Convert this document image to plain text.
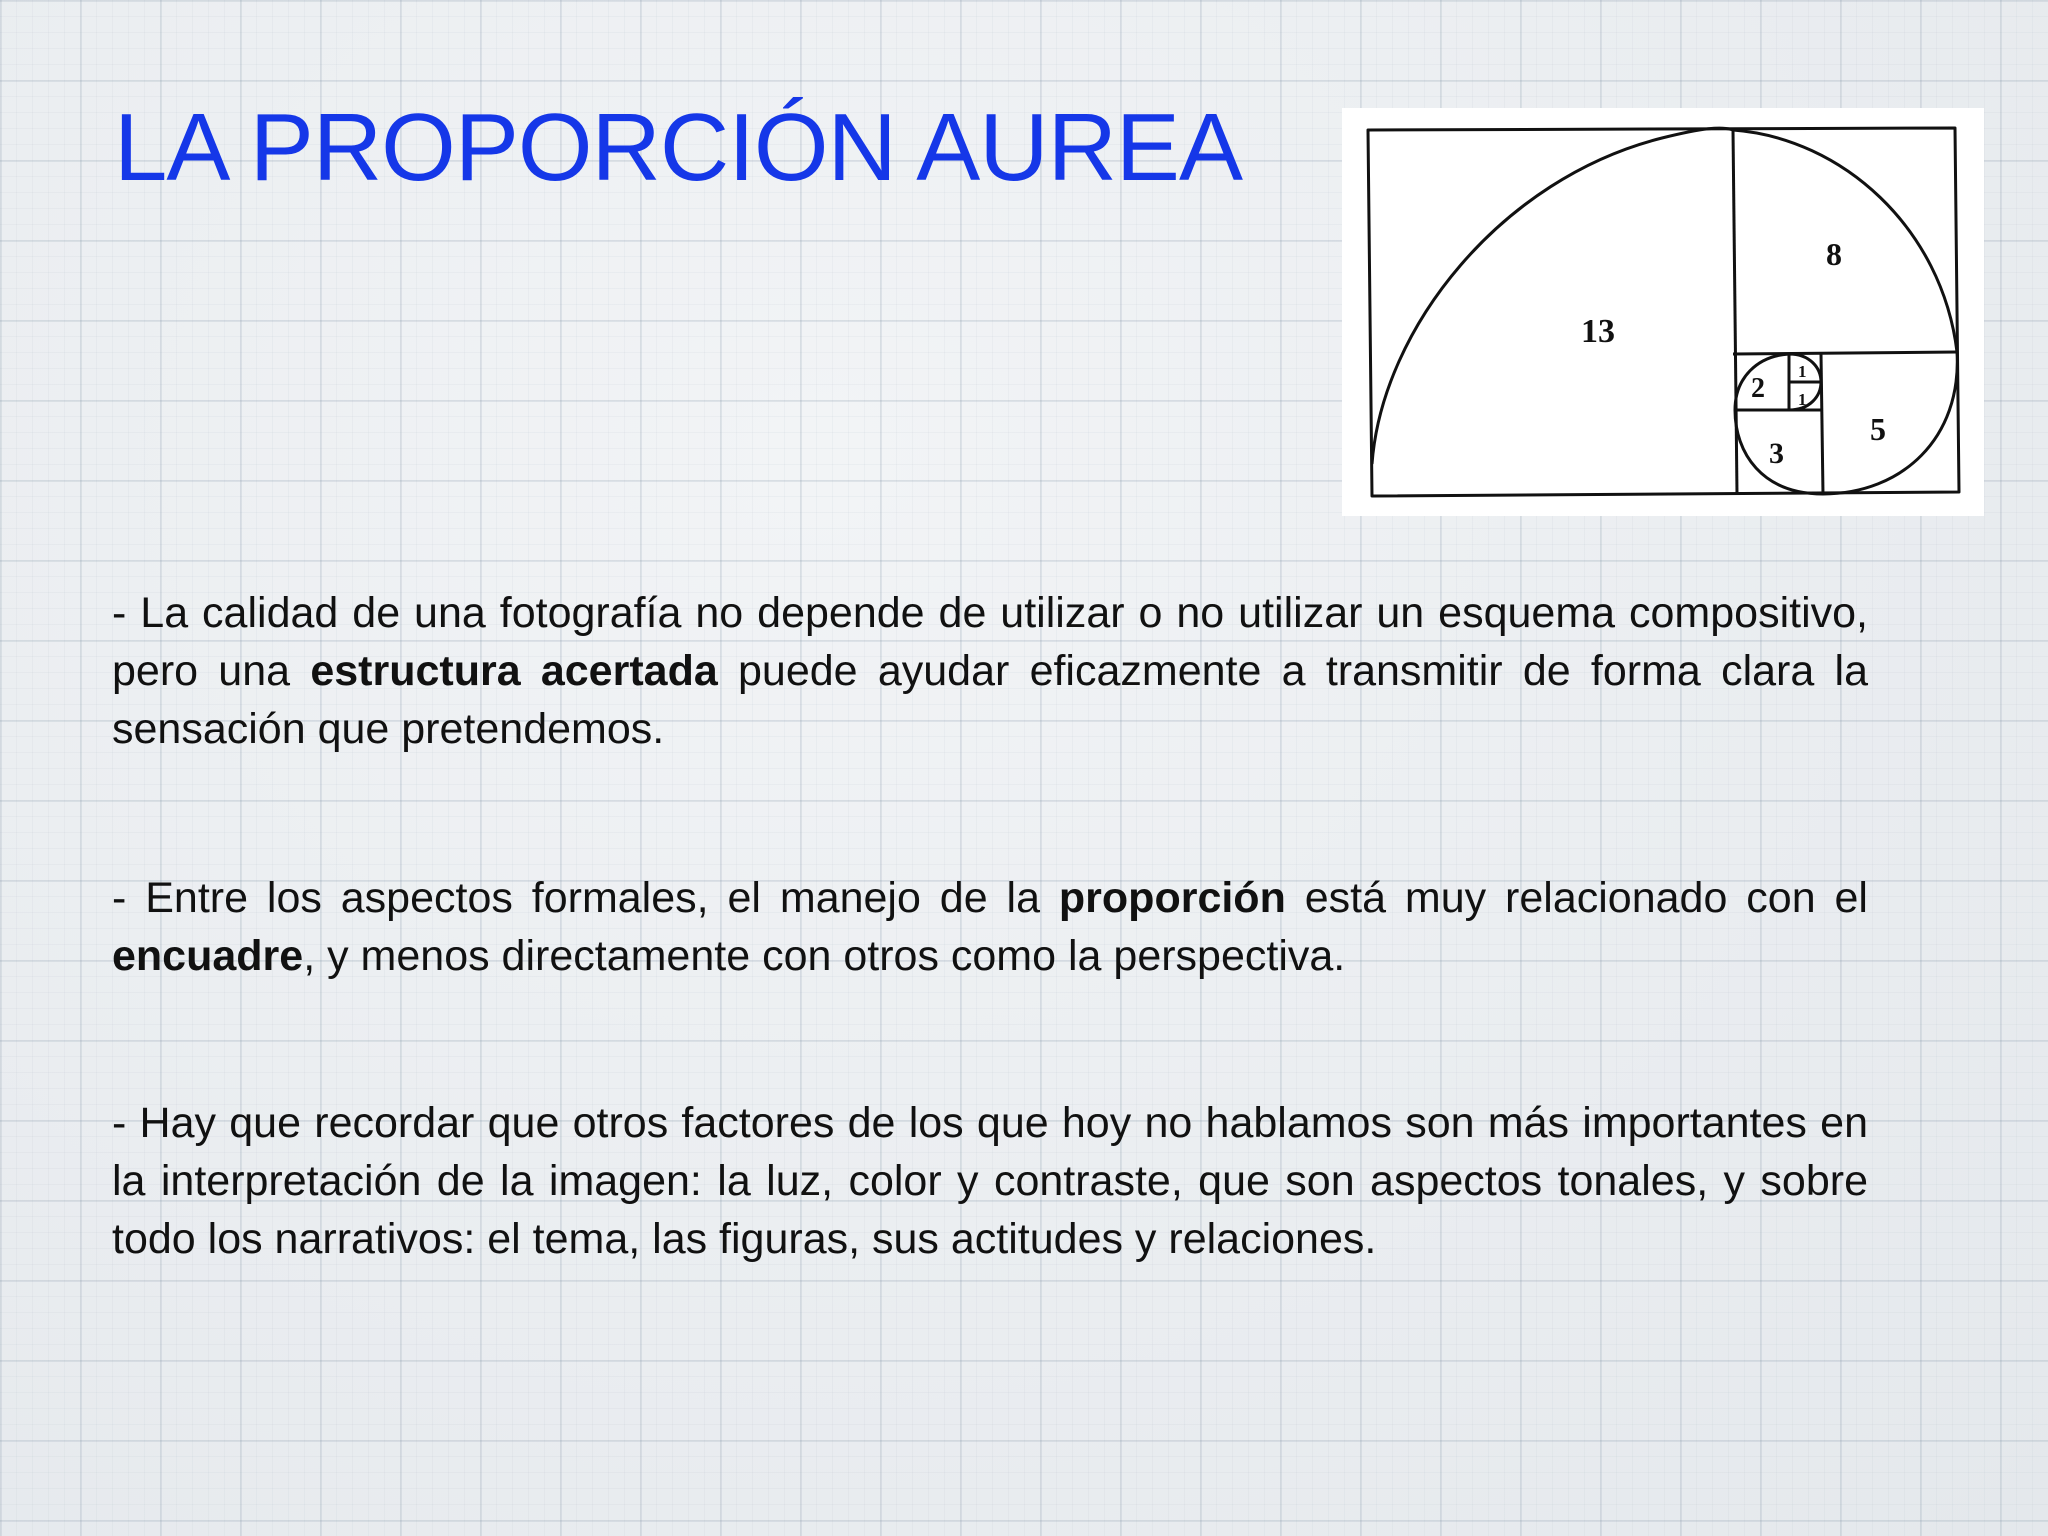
LA PROPORCIÓN AUREA
13
8
5
3
2
1
1

- La calidad de una fotografía no depende de utilizar o no utilizar un esquema compositivo, pero una estructura acertada puede ayudar eficazmente a transmitir de forma clara la sensación que pretendemos.

- Entre los aspectos formales, el manejo de la proporción está muy relacionado con el encuadre, y menos directamente con otros como la perspectiva.

- Hay que recordar que otros factores de los que hoy no hablamos son más importantes en la interpretación de la imagen: la luz, color y contraste, que son aspectos tonales, y sobre todo los narrativos: el tema, las figuras, sus actitudes y relaciones.
